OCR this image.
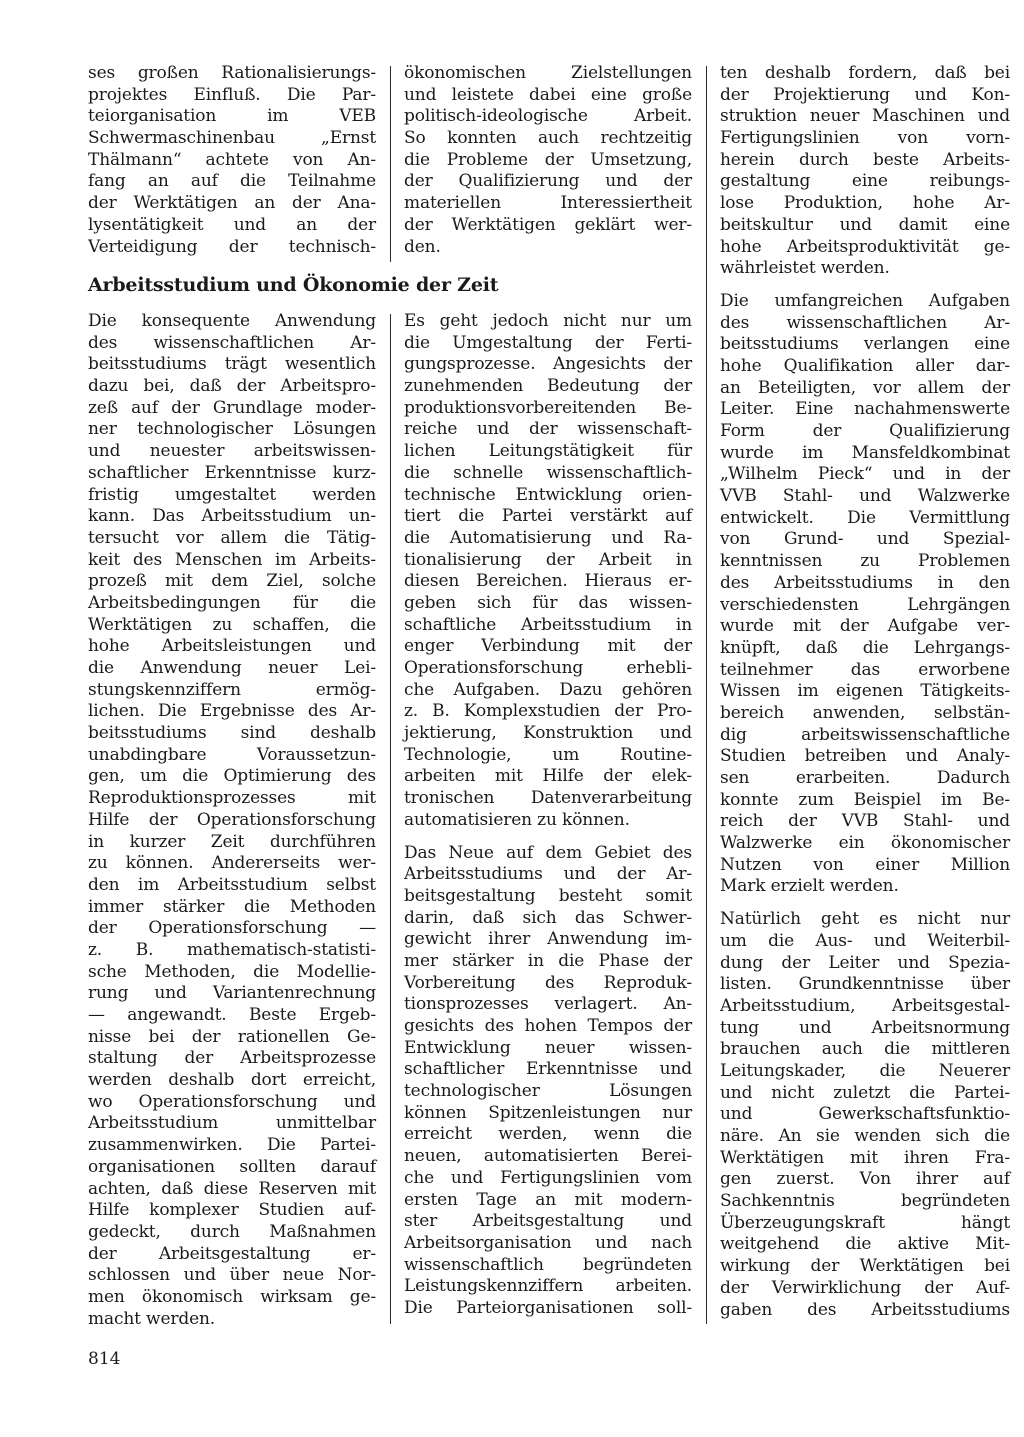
ses großen Rationalisierungs-
projektes Einfluß. Die Par-
teiorganisation im VEB
Schwermaschinenbau „Ernst
Thälmann“ achtete von An-
fang an auf die Teilnahme
der Werktätigen an der Ana-
lysentätigkeit und an der
Verteidigung der technisch-
ökonomischen Zielstellungen
und leistete dabei eine große
politisch-ideologische Arbeit.
So konnten auch rechtzeitig
die Probleme der Umsetzung,
der Qualifizierung und der
materiellen Interessiertheit
der Werktätigen geklärt wer-
den.
Arbeitsstudium und Ökonomie der Zeit
Die konsequente Anwendung
des wissenschaftlichen Ar-
beitsstudiums trägt wesentlich
dazu bei, daß der Arbeitspro-
zeß auf der Grundlage moder-
ner technologischer Lösungen
und neuester arbeitswissen-
schaftlicher Erkenntnisse kurz-
fristig umgestaltet werden
kann. Das Arbeitsstudium un-
tersucht vor allem die Tätig-
keit des Menschen im Arbeits-
prozeß mit dem Ziel, solche
Arbeitsbedingungen für die
Werktätigen zu schaffen, die
hohe Arbeitsleistungen und
die Anwendung neuer Lei-
stungskennziffern ermög-
lichen. Die Ergebnisse des Ar-
beitsstudiums sind deshalb
unabdingbare Voraussetzun-
gen, um die Optimierung des
Reproduktionsprozesses mit
Hilfe der Operationsforschung
in kurzer Zeit durchführen
zu können. Andererseits wer-
den im Arbeitsstudium selbst
immer stärker die Methoden
der Operationsforschung —
z. B. mathematisch-statisti-
sche Methoden, die Modellie-
rung und Variantenrechnung
— angewandt. Beste Ergeb-
nisse bei der rationellen Ge-
staltung der Arbeitsprozesse
werden deshalb dort erreicht,
wo Operationsforschung und
Arbeitsstudium unmittelbar
zusammenwirken. Die Partei-
organisationen sollten darauf
achten, daß diese Reserven mit
Hilfe komplexer Studien auf-
gedeckt, durch Maßnahmen
der Arbeitsgestaltung er-
schlossen und über neue Nor-
men ökonomisch wirksam ge-
macht werden.
Es geht jedoch nicht nur um
die Umgestaltung der Ferti-
gungsprozesse. Angesichts der
zunehmenden Bedeutung der
produktionsvorbereitenden Be-
reiche und der wissenschaft-
lichen Leitungstätigkeit für
die schnelle wissenschaftlich-
technische Entwicklung orien-
tiert die Partei verstärkt auf
die Automatisierung und Ra-
tionalisierung der Arbeit in
diesen Bereichen. Hieraus er-
geben sich für das wissen-
schaftliche Arbeitsstudium in
enger Verbindung mit der
Operationsforschung erhebli-
che Aufgaben. Dazu gehören
z. B. Komplexstudien der Pro-
jektierung, Konstruktion und
Technologie, um Routine-
arbeiten mit Hilfe der elek-
tronischen Datenverarbeitung
automatisieren zu können.
Das Neue auf dem Gebiet des
Arbeitsstudiums und der Ar-
beitsgestaltung besteht somit
darin, daß sich das Schwer-
gewicht ihrer Anwendung im-
mer stärker in die Phase der
Vorbereitung des Reproduk-
tionsprozesses verlagert. An-
gesichts des hohen Tempos der
Entwicklung neuer wissen-
schaftlicher Erkenntnisse und
technologischer Lösungen
können Spitzenleistungen nur
erreicht werden, wenn die
neuen, automatisierten Berei-
che und Fertigungslinien vom
ersten Tage an mit modern-
ster Arbeitsgestaltung und
Arbeitsorganisation und nach
wissenschaftlich begründeten
Leistungskennziffern arbeiten.
Die Parteiorganisationen soll-
ten deshalb fordern, daß bei
der Projektierung und Kon-
struktion neuer Maschinen und
Fertigungslinien von vorn-
herein durch beste Arbeits-
gestaltung eine reibungs-
lose Produktion, hohe Ar-
beitskultur und damit eine
hohe Arbeitsproduktivität ge-
währleistet werden.
Die umfangreichen Aufgaben
des wissenschaftlichen Ar-
beitsstudiums verlangen eine
hohe Qualifikation aller dar-
an Beteiligten, vor allem der
Leiter. Eine nachahmenswerte
Form der Qualifizierung
wurde im Mansfeldkombinat
„Wilhelm Pieck“ und in der
VVB Stahl- und Walzwerke
entwickelt. Die Vermittlung
von Grund- und Spezial-
kenntnissen zu Problemen
des Arbeitsstudiums in den
verschiedensten Lehrgängen
wurde mit der Aufgabe ver-
knüpft, daß die Lehrgangs-
teilnehmer das erworbene
Wissen im eigenen Tätigkeits-
bereich anwenden, selbstän-
dig arbeitswissenschaftliche
Studien betreiben und Analy-
sen erarbeiten. Dadurch
konnte zum Beispiel im Be-
reich der VVB Stahl- und
Walzwerke ein ökonomischer
Nutzen von einer Million
Mark erzielt werden.
Natürlich geht es nicht nur
um die Aus- und Weiterbil-
dung der Leiter und Spezia-
listen. Grundkenntnisse über
Arbeitsstudium, Arbeitsgestal-
tung und Arbeitsnormung
brauchen auch die mittleren
Leitungskader, die Neuerer
und nicht zuletzt die Partei-
und Gewerkschaftsfunktio-
näre. An sie wenden sich die
Werktätigen mit ihren Fra-
gen zuerst. Von ihrer auf
Sachkenntnis begründeten
Überzeugungskraft hängt
weitgehend die aktive Mit-
wirkung der Werktätigen bei
der Verwirklichung der Auf-
gaben des Arbeitsstudiums
814
